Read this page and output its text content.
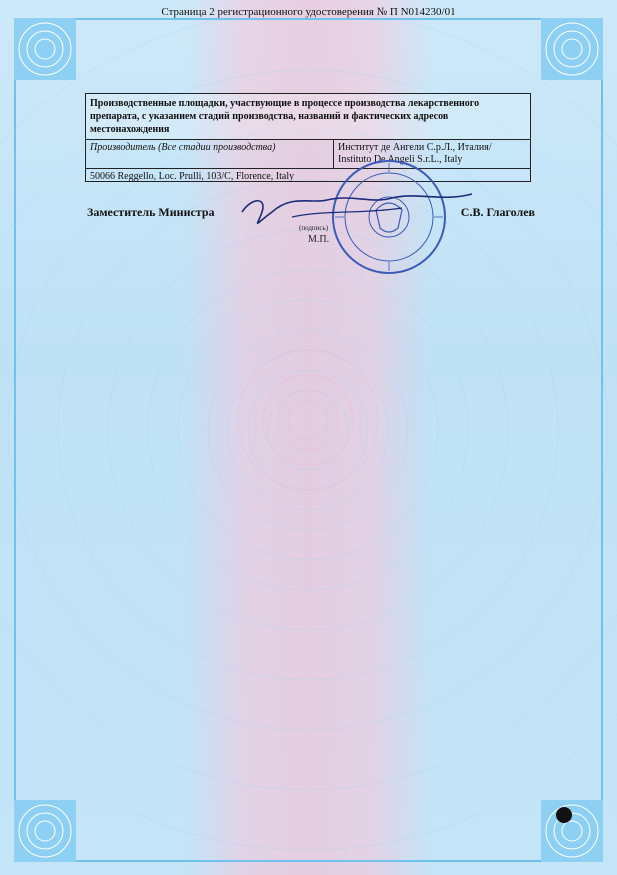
Страница 2 регистрационного удостоверения № П N014230/01
Производственные площадки, участвующие в процессе производства лекарственного препарата, с указанием стадий производства, названий и фактических адресов местонахождения
Производитель (Все стадии производства)	Институт де Ангели С.р.Л., Италия/
Instituto De Angeli S.r.L., Italy
50066 Reggello, Loc. Prulli, 103/C, Florence, Italy
Заместитель Министра	С.В. Глаголев
(подпись)
М.П.
